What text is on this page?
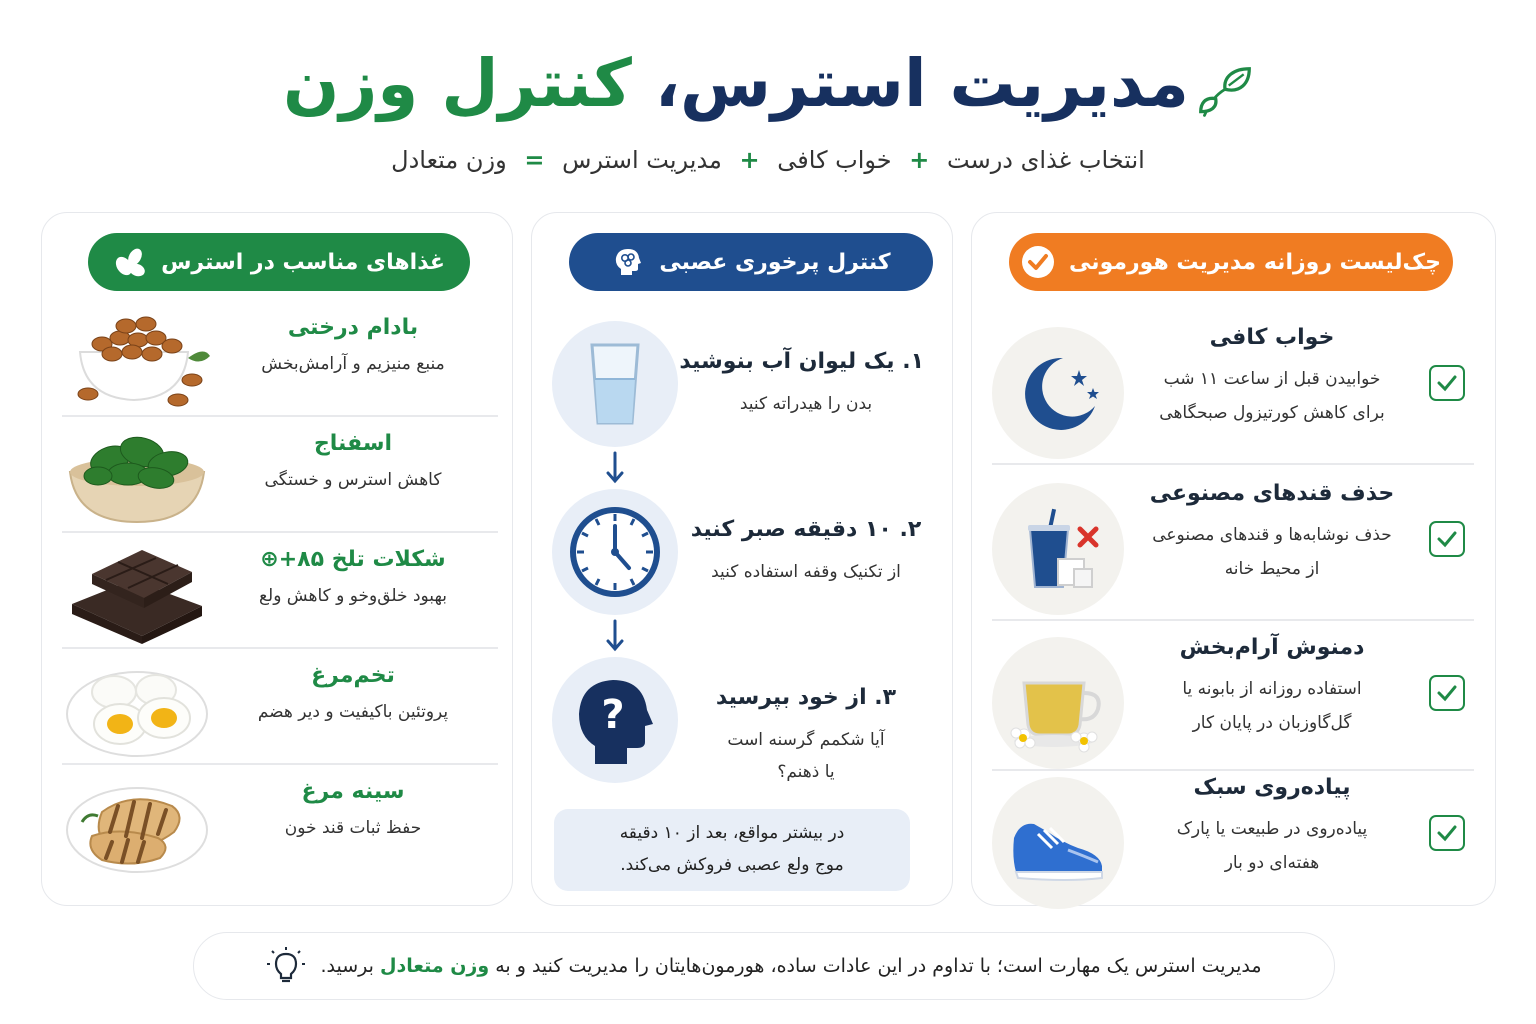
مدیریت استرس، کنترل وزن
انتخاب غذای درست + خواب کافی + مدیریت استرس = وزن متعادل
چک‌لیست روزانه مدیریت هورمونی
خواب کافی
خوابیدن قبل از ساعت ۱۱ شب
برای کاهش کورتیزول صبحگاهی
حذف قندهای مصنوعی
حذف نوشابه‌ها و قندهای مصنوعی
از محیط خانه
دمنوش آرام‌بخش
استفاده روزانه از بابونه یا
گل‌گاوزبان در پایان کار
پیاده‌روی سبک
پیاده‌روی در طبیعت یا پارک
هفته‌ای دو بار
کنترل پرخوری عصبی
۱. یک لیوان آب بنوشید
بدن را هیدراته کنید
۲. ۱۰ دقیقه صبر کنید
از تکنیک وقفه استفاده کنید
?	۳. از خود بپرسید
آیا شکمم گرسنه است
یا ذهنم؟
در بیشتر مواقع، بعد از ۱۰ دقیقه
موج ولع عصبی فروکش می‌کند.
غذاهای مناسب در استرس
بادام درختی
منبع منیزیم و آرامش‌بخش
اسفناج
کاهش استرس و خستگی
شکلات تلخ ۸۵+⊕
بهبود خلق‌وخو و کاهش ولع
تخم‌مرغ
پروتئین باکیفیت و دیر هضم
سینه مرغ
حفظ ثبات قند خون
مدیریت استرس یک مهارت است؛ با تداوم در این عادات ساده، هورمون‌هایتان را مدیریت کنید و به وزن متعادل برسید.
